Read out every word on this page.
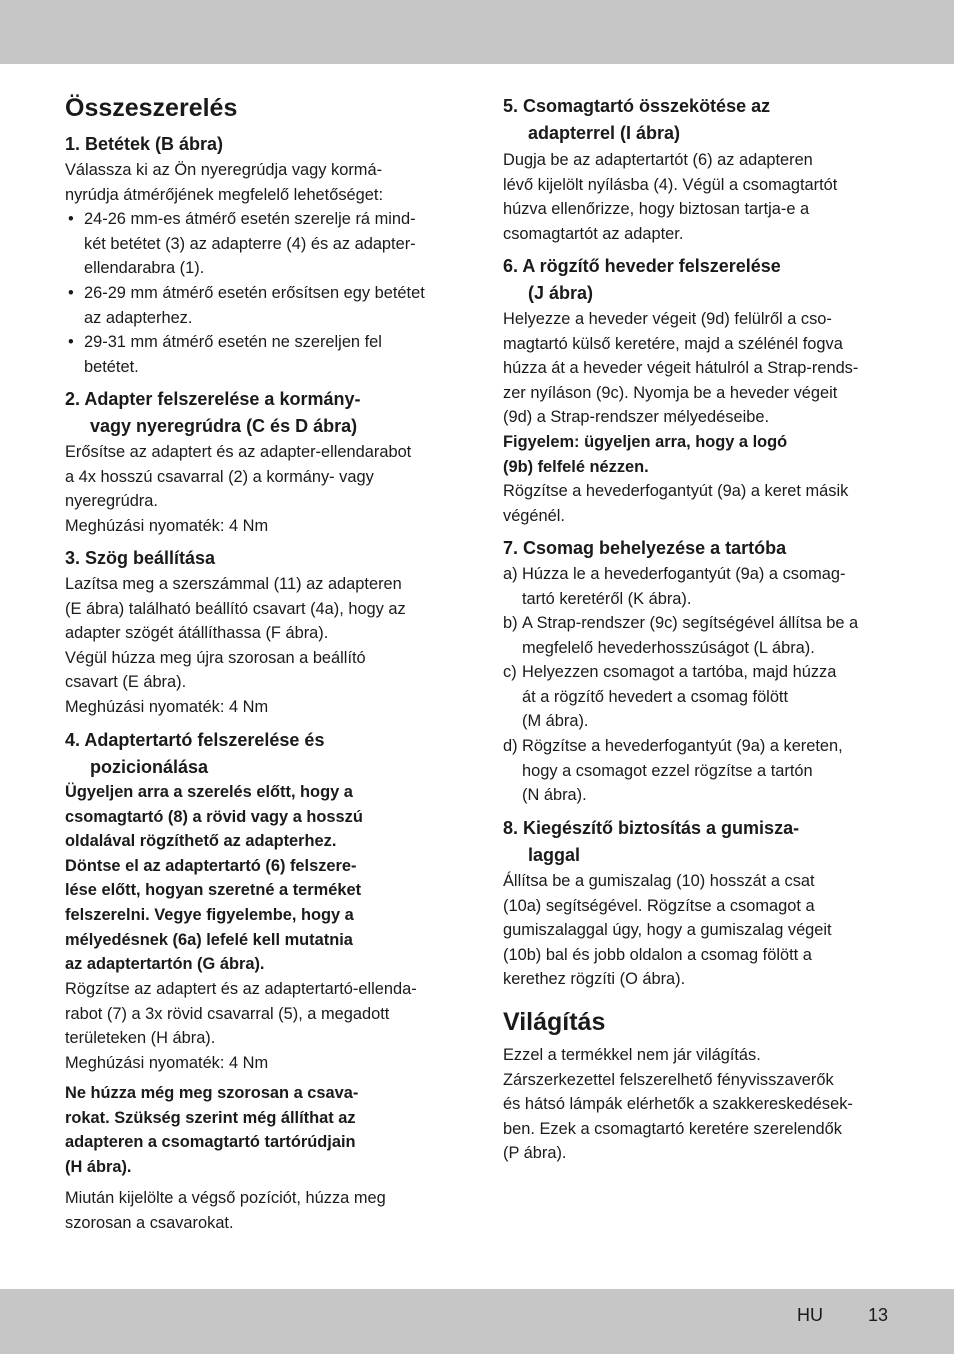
Összeszerelés
1. Betétek (B ábra)
Válassza ki az Ön nyeregrúdja vagy kormá-
nyrúdja átmérőjének megfelelő lehetőséget:
• 24-26 mm-es átmérő esetén szerelje rá mind-
két betétet (3) az adapterre (4) és az adapter-
ellendarabra (1).
• 26-29 mm átmérő esetén erősítsen egy betétet
az adapterhez.
• 29-31 mm átmérő esetén ne szereljen fel
betétet.
2. Adapter felszerelése a kormány-
vagy nyeregrúdra (C és D ábra)
Erősítse az adaptert és az adapter-ellendarabot
a 4x hosszú csavarral (2) a kormány- vagy
nyeregrúdra.
Meghúzási nyomaték: 4 Nm
3. Szög beállítása
Lazítsa meg a szerszámmal (11) az adapteren
(E ábra) található beállító csavart (4a), hogy az
adapter szögét átállíthassa (F ábra).
Végül húzza meg újra szorosan a beállító
csavart (E ábra).
Meghúzási nyomaték: 4 Nm
4. Adaptertartó felszerelése és
pozicionálása
Ügyeljen arra a szerelés előtt, hogy a
csomagtartó (8) a rövid vagy a hosszú
oldalával rögzíthető az adapterhez.
Döntse el az adaptertartó (6) felszere-
lése előtt, hogyan szeretné a terméket
felszerelni. Vegye figyelembe, hogy a
mélyedésnek (6a) lefelé kell mutatnia
az adaptertartón (G ábra).
Rögzítse az adaptert és az adaptertartó-ellenda-
rabot (7) a 3x rövid csavarral (5), a megadott
területeken (H ábra).
Meghúzási nyomaték: 4 Nm
Ne húzza még meg szorosan a csava-
rokat. Szükség szerint még állíthat az
adapteren a csomagtartó tartórúdjain
(H ábra).
Miután kijelölte a végső pozíciót, húzza meg
szorosan a csavarokat.
5. Csomagtartó összekötése az
adapterrel (I ábra)
Dugja be az adaptertartót (6) az adapteren
lévő kijelölt nyílásba (4). Végül a csomagtartót
húzva ellenőrizze, hogy biztosan tartja-e a
csomagtartót az adapter.
6. A rögzítő heveder felszerelése
(J ábra)
Helyezze a heveder végeit (9d) felülről a cso-
magtartó külső keretére, majd a szélénél fogva
húzza át a heveder végeit hátulról a Strap-rends-
zer nyíláson (9c). Nyomja be a heveder végeit
(9d) a Strap-rendszer mélyedéseibe.
Figyelem: ügyeljen arra, hogy a logó
(9b) felfelé nézzen.
Rögzítse a hevederfogantyút (9a) a keret másik
végénél.
7. Csomag behelyezése a tartóba
a) Húzza le a hevederfogantyút (9a) a csomag-
tartó keretéről (K ábra).
b) A Strap-rendszer (9c) segítségével állítsa be a
megfelelő hevederhosszúságot (L ábra).
c) Helyezzen csomagot a tartóba, majd húzza
át a rögzítő hevedert a csomag fölött
(M ábra).
d) Rögzítse a hevederfogantyút (9a) a kereten,
hogy a csomagot ezzel rögzítse a tartón
(N ábra).
8. Kiegészítő biztosítás a gumisza-
laggal
Állítsa be a gumiszalag (10) hosszát a csat
(10a) segítségével. Rögzítse a csomagot a
gumiszalaggal úgy, hogy a gumiszalag végeit
(10b) bal és jobb oldalon a csomag fölött a
kerethez rögzíti (O ábra).
Világítás
Ezzel a termékkel nem jár világítás.
Zárszerkezettel felszerelhető fényvisszaverők
és hátsó lámpák elérhetők a szakkereskedések-
ben. Ezek a csomagtartó keretére szerelendők
(P ábra).
HU	13
